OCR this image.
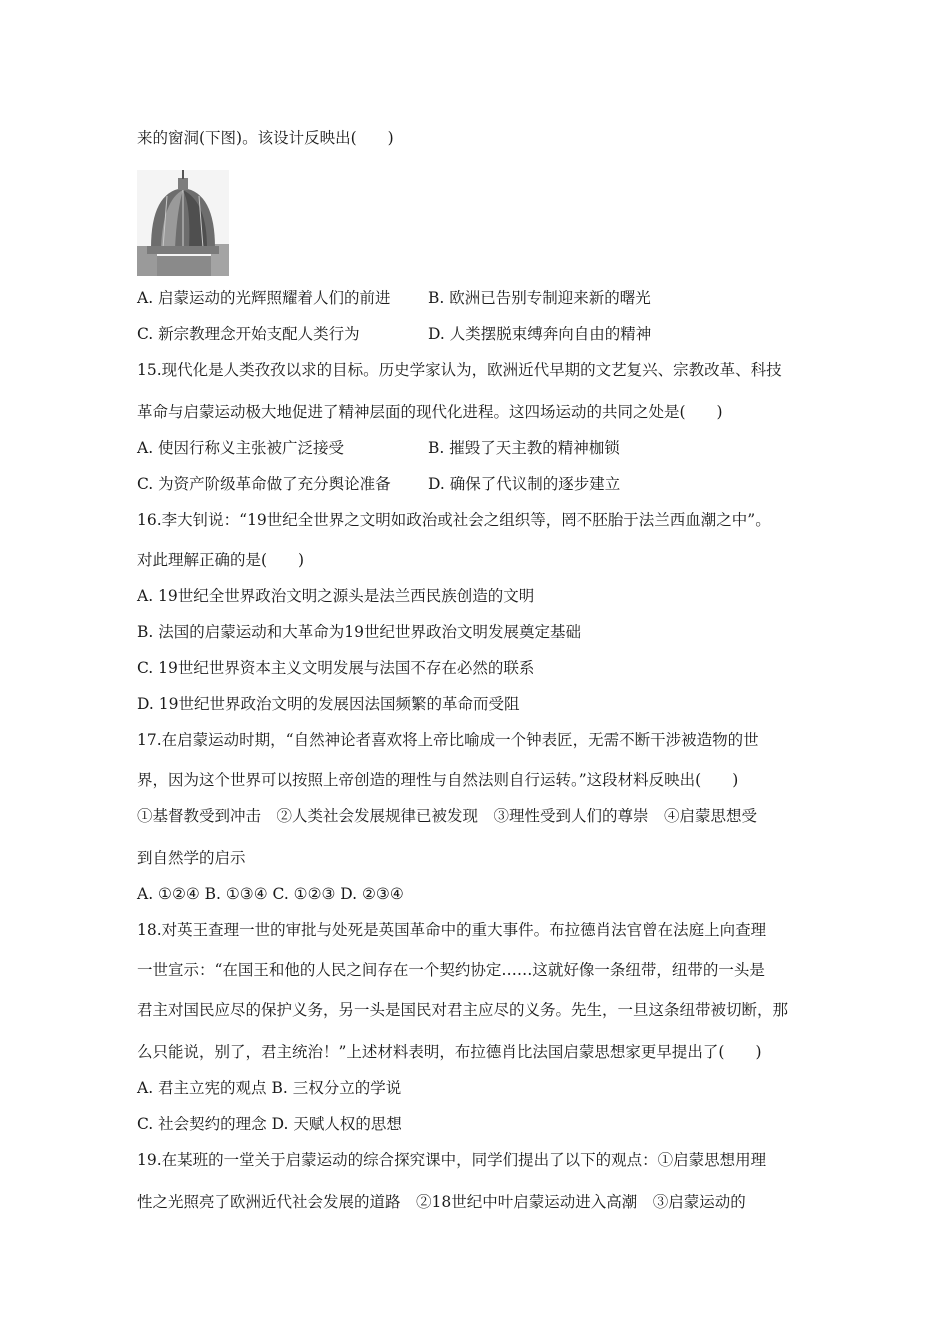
来的窗洞(下图)。该设计反映出(　　)
A. 启蒙运动的光辉照耀着人们的前进 B. 欧洲已告别专制迎来新的曙光
C. 新宗教理念开始支配人类行为	D. 人类摆脱束缚奔向自由的精神
15.现代化是人类孜孜以求的目标。历史学家认为，欧洲近代早期的文艺复兴、宗教改革、科技
革命与启蒙运动极大地促进了精神层面的现代化进程。这四场运动的共同之处是(　　)
A. 使因行称义主张被广泛接受	B. 摧毁了天主教的精神枷锁
C. 为资产阶级革命做了充分舆论准备 D. 确保了代议制的逐步建立
16.李大钊说：“19世纪全世界之文明如政治或社会之组织等，罔不胚胎于法兰西血潮之中”。
对此理解正确的是(　　)
A. 19世纪全世界政治文明之源头是法兰西民族创造的文明
B. 法国的启蒙运动和大革命为19世纪世界政治文明发展奠定基础
C. 19世纪世界资本主义文明发展与法国不存在必然的联系
D. 19世纪世界政治文明的发展因法国频繁的革命而受阻
17.在启蒙运动时期，“自然神论者喜欢将上帝比喻成一个钟表匠，无需不断干涉被造物的世
界，因为这个世界可以按照上帝创造的理性与自然法则自行运转。”这段材料反映出(　　)
①基督教受到冲击　②人类社会发展规律已被发现　③理性受到人们的尊崇　④启蒙思想受
到自然学的启示
A. ①②④ B. ①③④ C. ①②③ D. ②③④
18.对英王查理一世的审批与处死是英国革命中的重大事件。布拉德肖法官曾在法庭上向查理
一世宣示：“在国王和他的人民之间存在一个契约协定……这就好像一条纽带，纽带的一头是
君主对国民应尽的保护义务，另一头是国民对君主应尽的义务。先生，一旦这条纽带被切断，那
么只能说，别了，君主统治！”上述材料表明，布拉德肖比法国启蒙思想家更早提出了(　　)
A. 君主立宪的观点 B. 三权分立的学说
C. 社会契约的理念 D. 天赋人权的思想
19.在某班的一堂关于启蒙运动的综合探究课中，同学们提出了以下的观点：①启蒙思想用理
性之光照亮了欧洲近代社会发展的道路　②18世纪中叶启蒙运动进入高潮　③启蒙运动的
